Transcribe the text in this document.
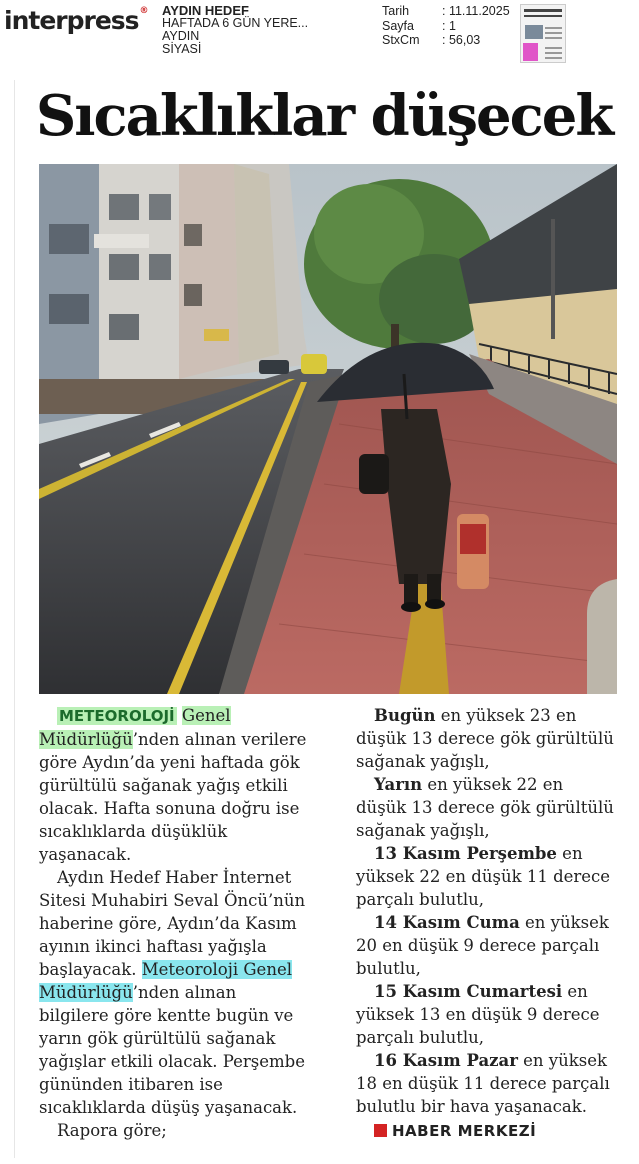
interpress® AYDIN HEDEF
HAFTADA 6 GÜN YERE...
AYDIN
SİYASİ
Tarih	: 11.11.2025
Sayfa : 1
StxCm : 56,03
Sıcaklıklar düşecek

METEOROLOJİ Genel Müdürlüğü’nden alınan verilere göre Aydın’da yeni haftada gök gürültülü sağanak yağış etkili olacak. Hafta sonuna doğru ise sıcaklıklarda düşüklük yaşanacak.

Aydın Hedef Haber İnternet Sitesi Muhabiri Seval Öncü’nün haberine göre, Aydın’da Kasım ayının ikinci haftası yağışla başlayacak. Meteoroloji Genel Müdürlüğü’nden alınan bilgilere göre kentte bugün ve yarın gök gürültülü sağanak yağışlar etkili olacak. Perşembe gününden itibaren ise sıcaklıklarda düşüş yaşanacak.

Rapora göre;

Bugün en yüksek 23 en düşük 13 derece gök gürültülü sağanak yağışlı,

Yarın en yüksek 22 en düşük 13 derece gök gürültülü sağanak yağışlı,

13 Kasım Perşembe en yüksek 22 en düşük 11 derece parçalı bulutlu,

14 Kasım Cuma en yüksek 20 en düşük 9 derece parçalı bulutlu,

15 Kasım Cumartesi en yüksek 13 en düşük 9 derece parçalı bulutlu,

16 Kasım Pazar en yüksek 18 en düşük 11 derece parçalı bulutlu bir hava yaşanacak.

HABER MERKEZİ
